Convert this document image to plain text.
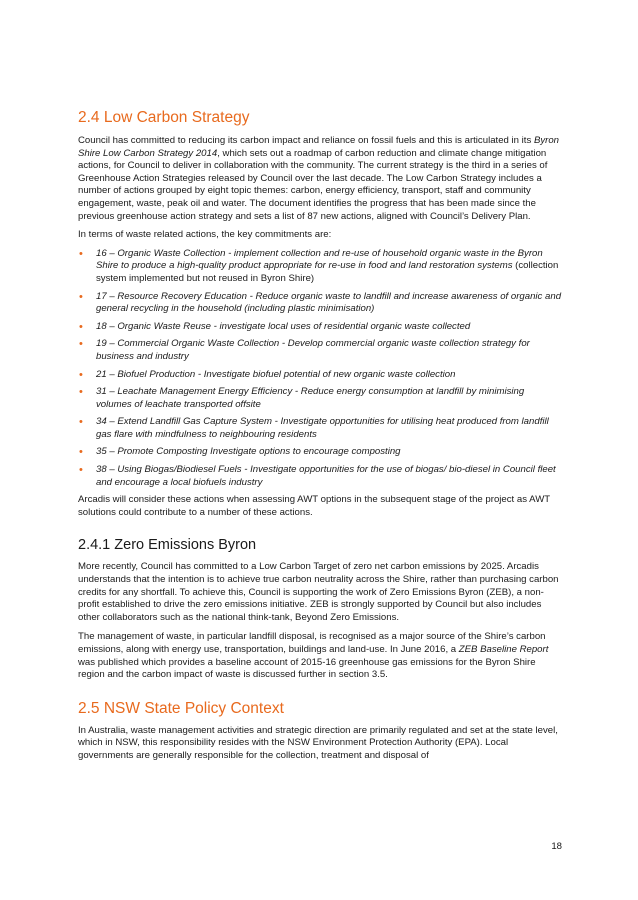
2.4 Low Carbon Strategy

Council has committed to reducing its carbon impact and reliance on fossil fuels and this is articulated in its Byron Shire Low Carbon Strategy 2014, which sets out a roadmap of carbon reduction and climate change mitigation actions, for Council to deliver in collaboration with the community. The current strategy is the third in a series of Greenhouse Action Strategies released by Council over the last decade. The Low Carbon Strategy includes a number of actions grouped by eight topic themes: carbon, energy efficiency, transport, staff and community engagement, waste, peak oil and water. The document identifies the progress that has been made since the previous greenhouse action strategy and sets a list of 87 new actions, aligned with Council’s Delivery Plan.

In terms of waste related actions, the key commitments are:

• 16 – Organic Waste Collection - implement collection and re-use of household organic waste in the Byron Shire to produce a high-quality product appropriate for re-use in food and land restoration systems (collection system implemented but not reused in Byron Shire)
• 17 – Resource Recovery Education - Reduce organic waste to landfill and increase awareness of organic and general recycling in the household (including plastic minimisation)
• 18 – Organic Waste Reuse - investigate local uses of residential organic waste collected
• 19 – Commercial Organic Waste Collection - Develop commercial organic waste collection strategy for business and industry
• 21 – Biofuel Production - Investigate biofuel potential of new organic waste collection
• 31 – Leachate Management Energy Efficiency - Reduce energy consumption at landfill by minimising volumes of leachate transported offsite
• 34 – Extend Landfill Gas Capture System - Investigate opportunities for utilising heat produced from landfill gas flare with mindfulness to neighbouring residents
• 35 – Promote Composting Investigate options to encourage composting
• 38 – Using Biogas/Biodiesel Fuels - Investigate opportunities for the use of biogas/ bio-diesel in Council fleet and encourage a local biofuels industry

Arcadis will consider these actions when assessing AWT options in the subsequent stage of the project as AWT solutions could contribute to a number of these actions.

2.4.1 Zero Emissions Byron

More recently, Council has committed to a Low Carbon Target of zero net carbon emissions by 2025. Arcadis understands that the intention is to achieve true carbon neutrality across the Shire, rather than purchasing carbon credits for any shortfall. To achieve this, Council is supporting the work of Zero Emissions Byron (ZEB), a non-profit established to drive the zero emissions initiative. ZEB is strongly supported by Council but also includes other collaborators such as the national think-tank, Beyond Zero Emissions.

The management of waste, in particular landfill disposal, is recognised as a major source of the Shire’s carbon emissions, along with energy use, transportation, buildings and land-use. In June 2016, a ZEB Baseline Report was published which provides a baseline account of 2015-16 greenhouse gas emissions for the Byron Shire region and the carbon impact of waste is discussed further in section 3.5.

2.5 NSW State Policy Context

In Australia, waste management activities and strategic direction are primarily regulated and set at the state level, which in NSW, this responsibility resides with the NSW Environment Protection Authority (EPA). Local governments are generally responsible for the collection, treatment and disposal of

18
